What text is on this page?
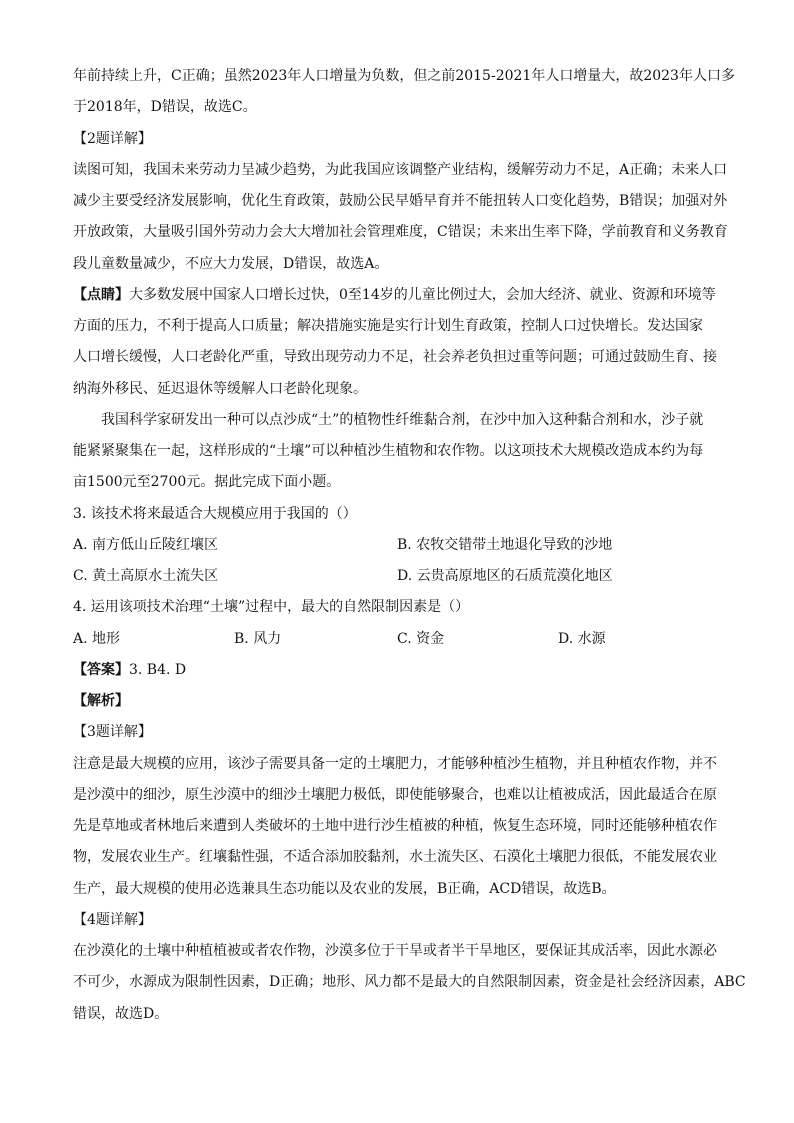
年前持续上升，C正确；虽然2023年人口增量为负数，但之前2015-2021年人口增量大，故2023年人口多
于2018年，D错误，故选C。
【2题详解】
读图可知，我国未来劳动力呈减少趋势，为此我国应该调整产业结构，缓解劳动力不足，A正确；未来人口
减少主要受经济发展影响，优化生育政策，鼓励公民早婚早育并不能扭转人口变化趋势，B错误；加强对外
开放政策，大量吸引国外劳动力会大大增加社会管理难度，C错误；未来出生率下降，学前教育和义务教育
段儿童数量减少，不应大力发展，D错误，故选A。
【点睛】大多数发展中国家人口增长过快，0至14岁的儿童比例过大，会加大经济、就业、资源和环境等
方面的压力，不利于提高人口质量；解决措施实施是实行计划生育政策，控制人口过快增长。发达国家
人口增长缓慢，人口老龄化严重，导致出现劳动力不足，社会养老负担过重等问题；可通过鼓励生育、接
纳海外移民、延迟退休等缓解人口老龄化现象。
我国科学家研发出一种可以点沙成“土”的植物性纤维黏合剂，在沙中加入这种黏合剂和水，沙子就
能紧紧聚集在一起，这样形成的“土壤”可以种植沙生植物和农作物。以这项技术大规模改造成本约为每
亩1500元至2700元。据此完成下面小题。
3. 该技术将来最适合大规模应用于我国的（）
A. 南方低山丘陵红壤区	B. 农牧交错带土地退化导致的沙地
C. 黄土高原水土流失区	D. 云贵高原地区的石质荒漠化地区
4. 运用该项技术治理“土壤”过程中，最大的自然限制因素是（）
A. 地形	B. 风力	C. 资金	D. 水源
【答案】3. B4. D
【解析】
【3题详解】
注意是最大规模的应用，该沙子需要具备一定的土壤肥力，才能够种植沙生植物，并且种植农作物，并不
是沙漠中的细沙，原生沙漠中的细沙土壤肥力极低，即使能够聚合，也难以让植被成活，因此最适合在原
先是草地或者林地后来遭到人类破坏的土地中进行沙生植被的种植，恢复生态环境，同时还能够种植农作
物，发展农业生产。红壤黏性强，不适合添加胶黏剂，水土流失区、石漠化土壤肥力很低，不能发展农业
生产，最大规模的使用必选兼具生态功能以及农业的发展，B正确，ACD错误，故选B。
【4题详解】
在沙漠化的土壤中种植植被或者农作物，沙漠多位于干旱或者半干旱地区，要保证其成活率，因此水源必
不可少，水源成为限制性因素，D正确；地形、风力都不是最大的自然限制因素，资金是社会经济因素，ABC
错误，故选D。
